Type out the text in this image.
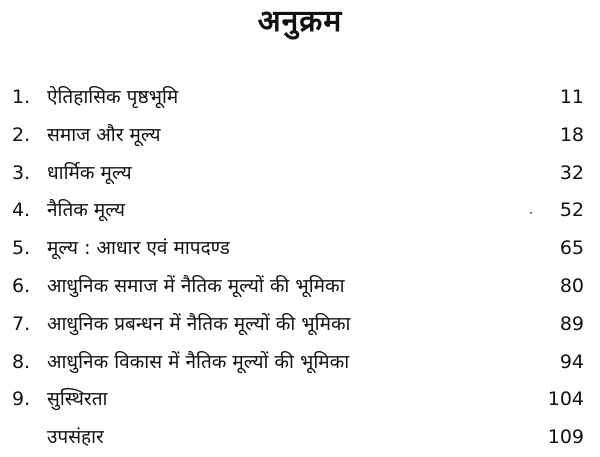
अनुक्रम
1. ऐतिहासिक पृष्ठभूमि	11
2. समाज और मूल्य	18
3. धार्मिक मूल्य	32
4. नैतिक मूल्य	52
5. मूल्य : आधार एवं मापदण्ड	65
6. आधुनिक समाज में नैतिक मूल्यों की भूमिका	80
7. आधुनिक प्रबन्धन में नैतिक मूल्यों की भूमिका	89
8. आधुनिक विकास में नैतिक मूल्यों की भूमिका	94
9. सुस्थिरता	104
उपसंहार	109
